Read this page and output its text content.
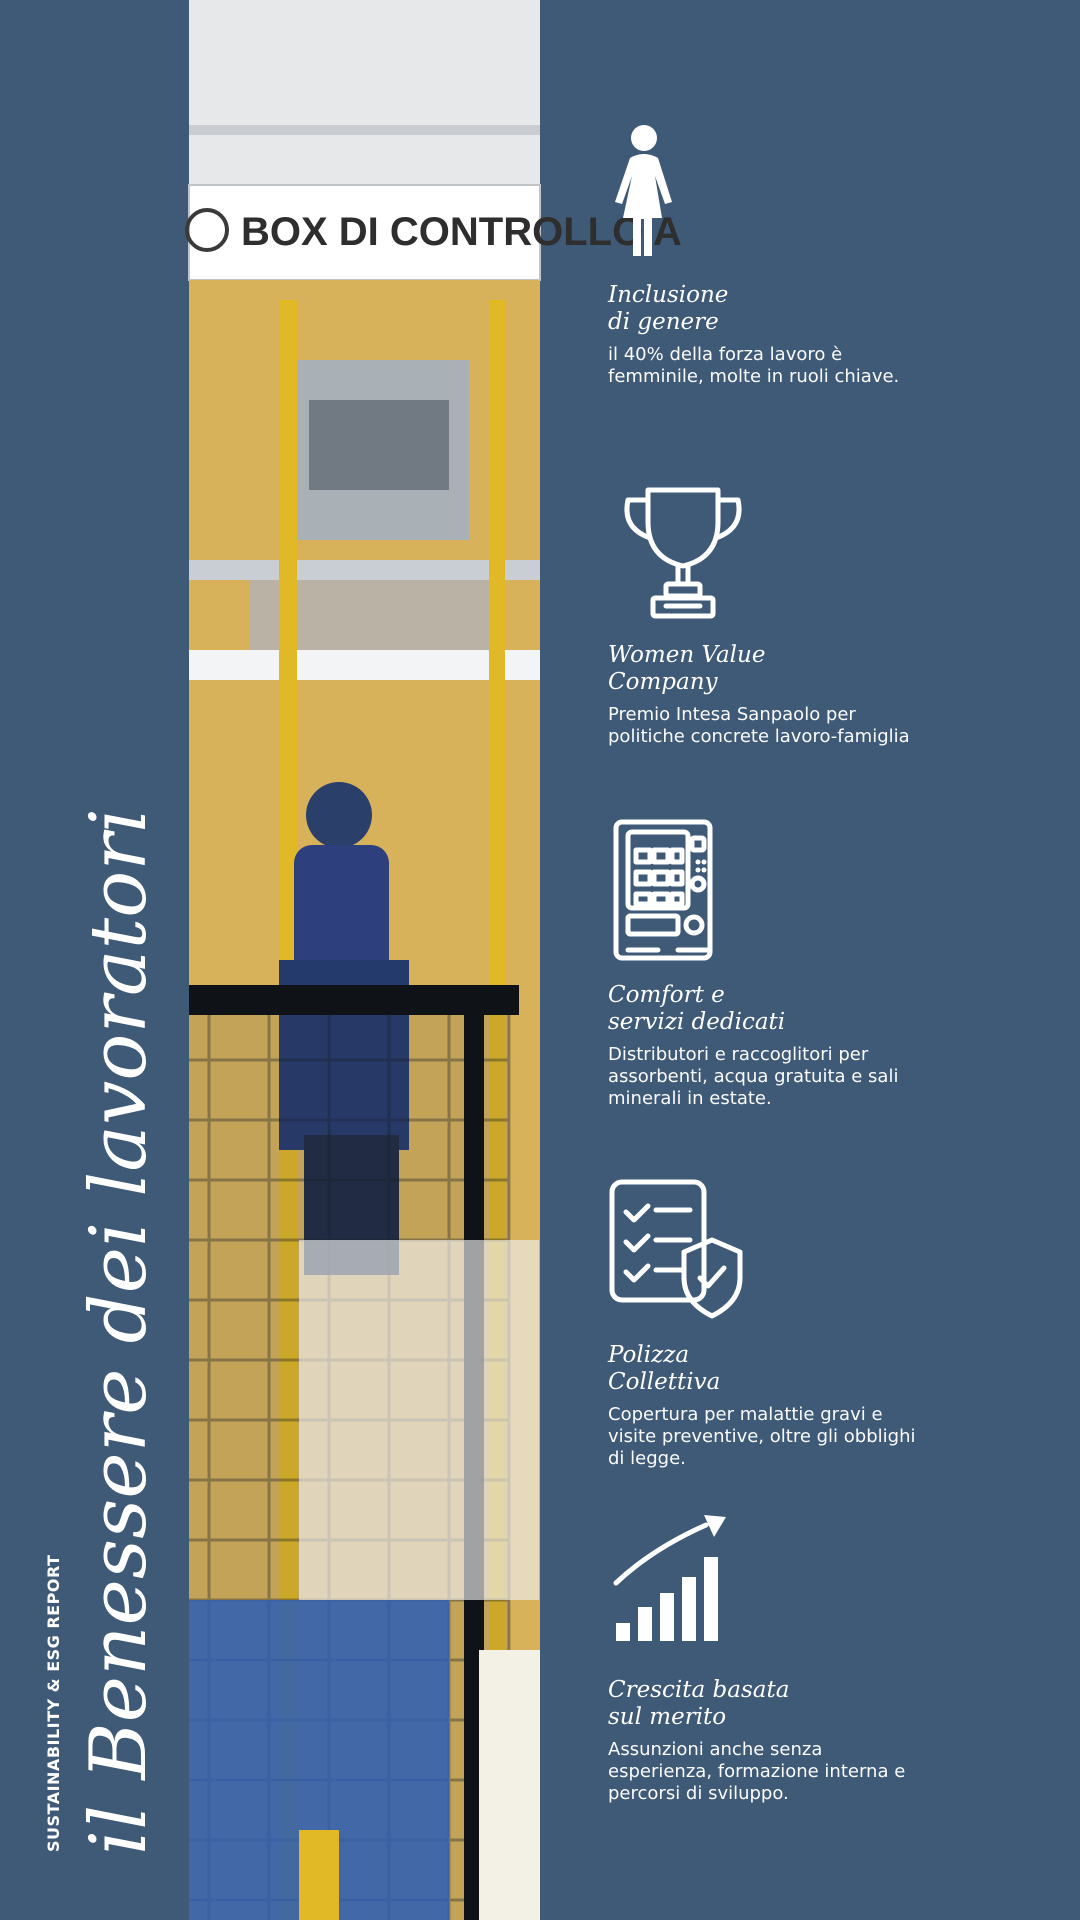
SUSTAINABILITY & ESG REPORT il Benessere dei lavoratori
BOX DI CONTROLLO A
Inclusione
di genere
il 40% della forza lavoro è
femminile, molte in ruoli chiave.
Women Value
Company
Premio Intesa Sanpaolo per
politiche concrete lavoro-famiglia
Comfort e
servizi dedicati
Distributori e raccoglitori per
assorbenti, acqua gratuita e sali
minerali in estate.
Polizza
Collettiva
Copertura per malattie gravi e
visite preventive, oltre gli obblighi
di legge.
Crescita basata
sul merito
Assunzioni anche senza
esperienza, formazione interna e
percorsi di sviluppo.
